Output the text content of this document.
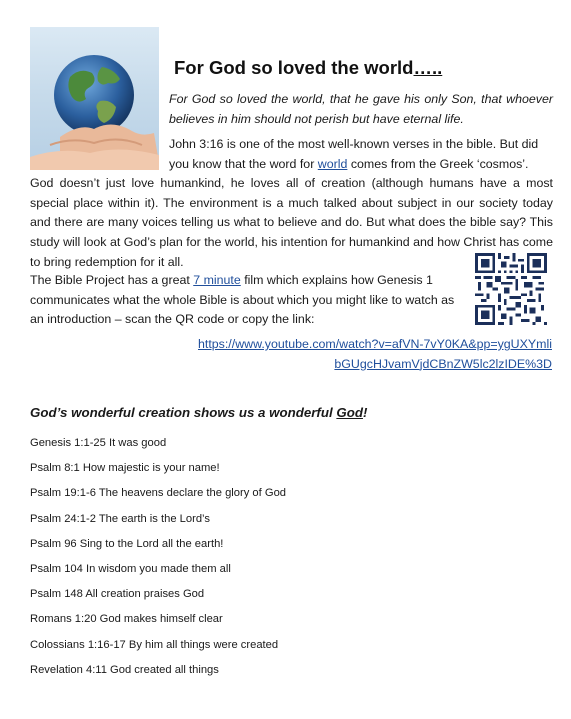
For God so loved the world…..
For God so loved the world, that he gave his only Son, that whoever believes in him should not perish but have eternal life.
John 3:16 is one of the most well-known verses in the bible. But did
you know that the word for world comes from the Greek ‘cosmos’.
God doesn’t just love humankind, he loves all of creation (although humans have a most special place within it). The environment is a much talked about subject in our society today and there are many voices telling us what to believe and do. But what does the bible say? This study will look at God’s plan for the world, his intention for humankind and how Christ has come to bring redemption for it all.
The Bible Project has a great 7 minute film which explains how Genesis 1 communicates what the whole Bible is about which you might like to watch as an introduction – scan the QR code or copy the link:
https://www.youtube.com/watch?v=afVN-7vY0KA&pp=ygUXYmlibGUgcHJvamVjdCBnZW5lc2lzIDE%3D
God’s wonderful creation shows us a wonderful God!
Genesis 1:1-25 It was good
Psalm 8:1 How majestic is your name!
Psalm 19:1-6 The heavens declare the glory of God
Psalm 24:1-2 The earth is the Lord’s
Psalm 96 Sing to the Lord all the earth!
Psalm 104 In wisdom you made them all
Psalm 148 All creation praises God
Romans 1:20 God makes himself clear
Colossians 1:16-17 By him all things were created
Revelation 4:11 God created all things
